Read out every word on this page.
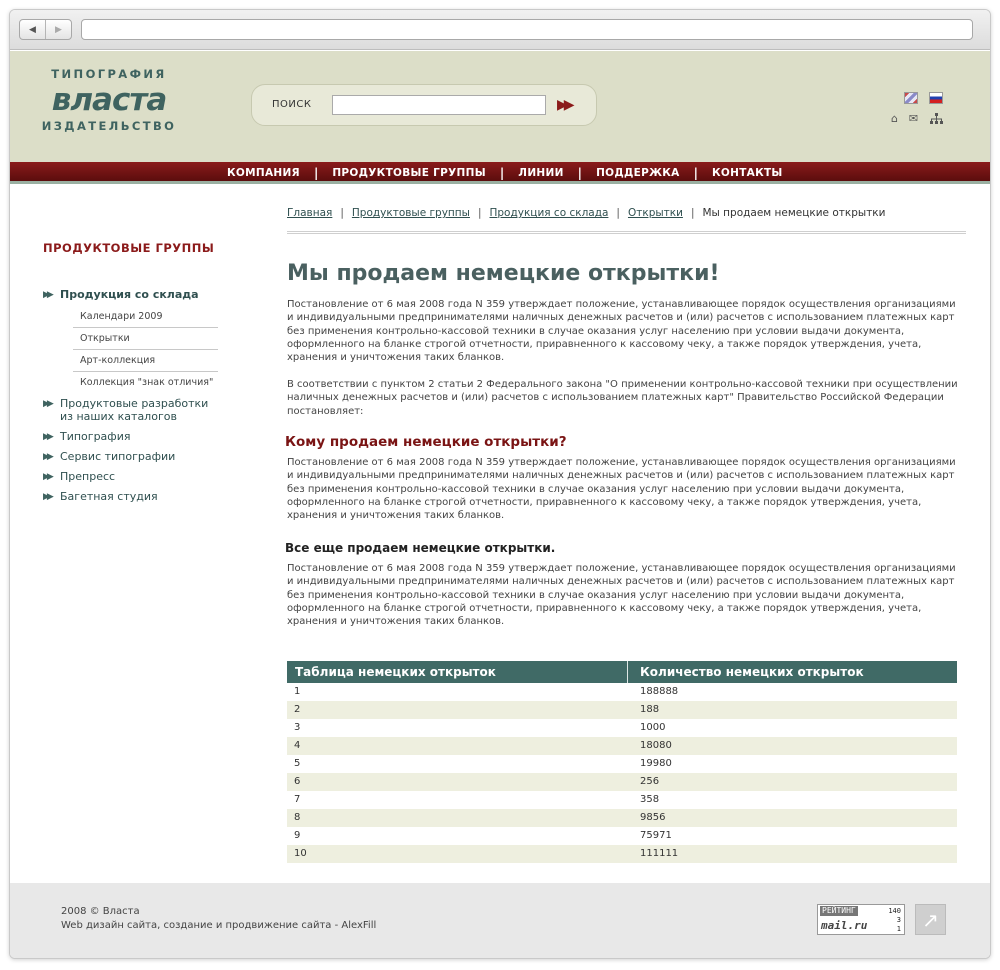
◀	▶
ТИПОГРАФИЯ
власта
ИЗДАТЕЛЬСТВО
ПОИСК	▶▶
⌂ ✉
КОМПАНИЯ	|	ПРОДУКТОВЫЕ ГРУППЫ	|	ЛИНИИ	|	ПОДДЕРЖКА	|	КОНТАКТЫ
ПРОДУКТОВЫЕ ГРУППЫ
▶▶ Продукция со склада
Календари 2009
Открытки
Арт-коллекция
Коллекция "знак отличия"
▶▶ Продуктовые разработки из наших каталогов
▶▶ Типография
▶▶ Сервис типографии
▶▶ Препресс
▶▶ Багетная студия
Главная | Продуктовые группы | Продукция со склада | Открытки | Мы продаем немецкие открытки
Мы продаем немецкие открытки!

Постановление от 6 мая 2008 года N 359 утверждает положение, устанавливающее порядок осуществления организациями и индивидуальными предпринимателями наличных денежных расчетов и (или) расчетов с использованием платежных карт без применения контрольно-кассовой техники в случае оказания услуг населению при условии выдачи документа, оформленного на бланке строгой отчетности, приравненного к кассовому чеку, а также порядок утверждения, учета, хранения и уничтожения таких бланков.

В соответствии с пунктом 2 статьи 2 Федерального закона "О применении контрольно-кассовой техники при осуществлении наличных денежных расчетов и (или) расчетов с использованием платежных карт" Правительство Российской Федерации постановляет:

Кому продаем немецкие открытки?

Постановление от 6 мая 2008 года N 359 утверждает положение, устанавливающее порядок осуществления организациями и индивидуальными предпринимателями наличных денежных расчетов и (или) расчетов с использованием платежных карт без применения контрольно-кассовой техники в случае оказания услуг населению при условии выдачи документа, оформленного на бланке строгой отчетности, приравненного к кассовому чеку, а также порядок утверждения, учета, хранения и уничтожения таких бланков.

Все еще продаем немецкие открытки.

Постановление от 6 мая 2008 года N 359 утверждает положение, устанавливающее порядок осуществления организациями и индивидуальными предпринимателями наличных денежных расчетов и (или) расчетов с использованием платежных карт без применения контрольно-кассовой техники в случае оказания услуг населению при условии выдачи документа, оформленного на бланке строгой отчетности, приравненного к кассовому чеку, а также порядок утверждения, учета, хранения и уничтожения таких бланков.

Таблица немецких открыток	Количество немецких открыток
1	188888
2	188
3	1000
4	18080
5	19980
6	256
7	358
8	9856
9	75971
10	111111
2008 © Власта
Web дизайн сайта, создание и продвижение сайта - AlexFill
РЕЙТИНГ	140
3
1
mail.ru	↗
